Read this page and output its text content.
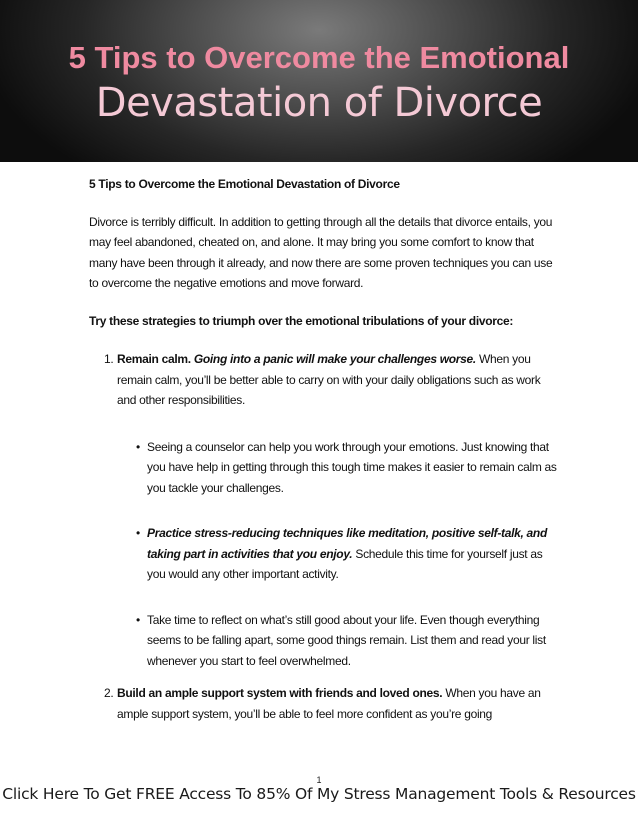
5 Tips to Overcome the Emotional
Devastation of Divorce

5 Tips to Overcome the Emotional Devastation of Divorce

Divorce is terribly difficult. In addition to getting through all the details that divorce entails, you may feel abandoned, cheated on, and alone. It may bring you some comfort to know that many have been through it already, and now there are some proven techniques you can use to overcome the negative emotions and move forward.

Try these strategies to triumph over the emotional tribulations of your divorce:

1. Remain calm. Going into a panic will make your challenges worse. When you remain calm, you’ll be better able to carry on with your daily obligations such as work and other responsibilities.
• Seeing a counselor can help you work through your emotions. Just knowing that you have help in getting through this tough time makes it easier to remain calm as you tackle your challenges.
• Practice stress-reducing techniques like meditation, positive self-talk, and taking part in activities that you enjoy. Schedule this time for yourself just as you would any other important activity.
• Take time to reflect on what’s still good about your life. Even though everything seems to be falling apart, some good things remain. List them and read your list whenever you start to feel overwhelmed.
2. Build an ample support system with friends and loved ones. When you have an ample support system, you’ll be able to feel more confident as you’re going
1
Click Here To Get FREE Access To 85% Of My Stress Management Tools & Resources
